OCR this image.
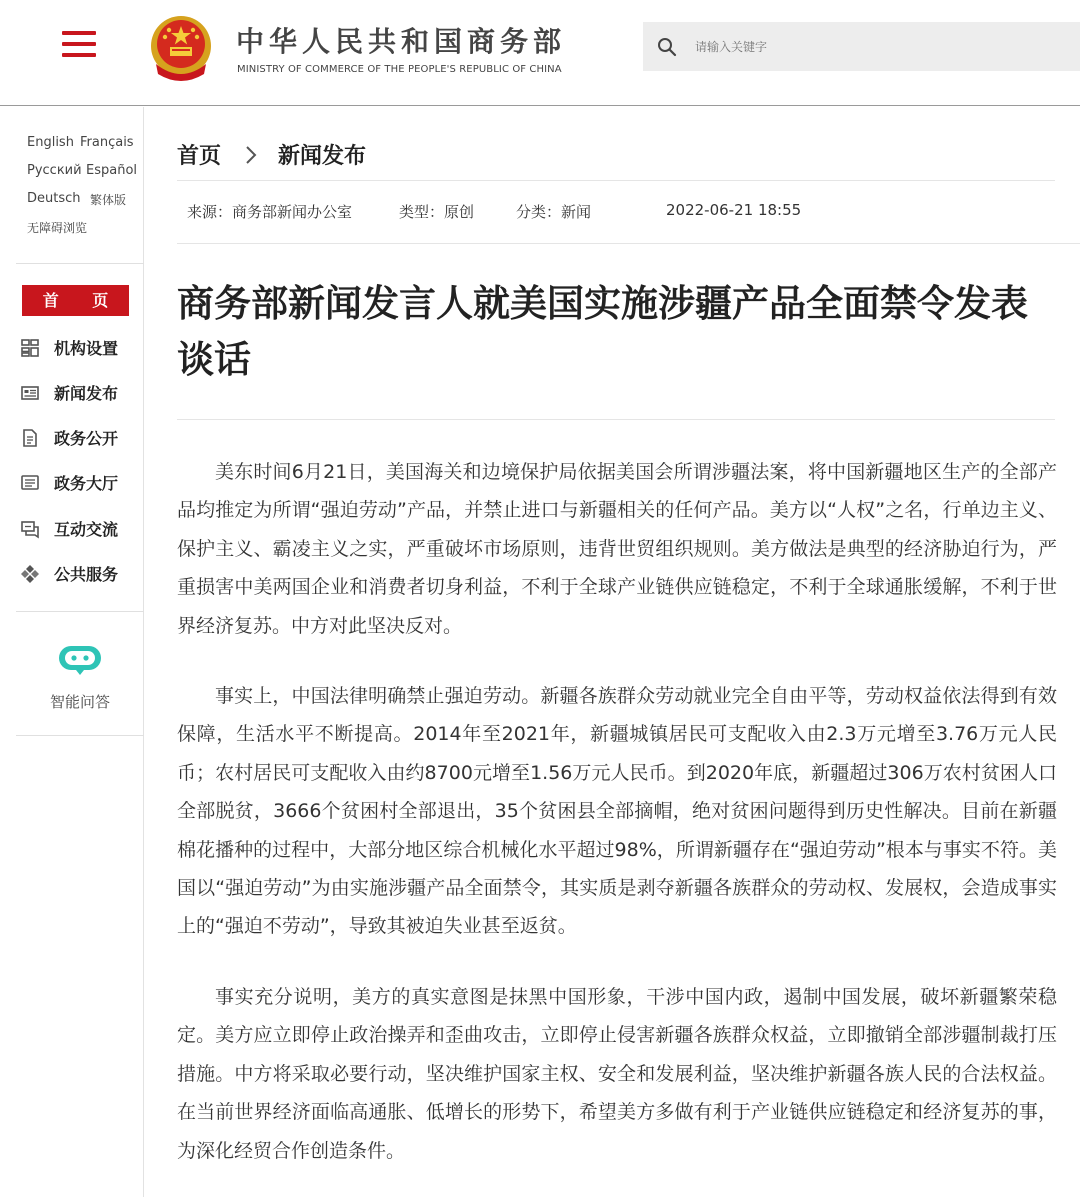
中华人民共和国商务部
MINISTRY OF COMMERCE OF THE PEOPLE'S REPUBLIC OF CHINA
请输入关键字
English Français
Русский Español
Deutsch 繁体版
无障碍浏览
首 页
机构设置
新闻发布
政务公开
政务大厅
互动交流
公共服务
智能问答
首页	新闻发布
来源：商务部新闻办公室	类型：原创	分类：新闻	2022-06-21 18:55
商务部新闻发言人就美国实施涉疆产品全面禁令发表谈话

美东时间6月21日，美国海关和边境保护局依据美国会所谓涉疆法案，将中国新疆地区生产的全部产品均推定为所谓“强迫劳动”产品，并禁止进口与新疆相关的任何产品。美方以“人权”之名，行单边主义、保护主义、霸凌主义之实，严重破坏市场原则，违背世贸组织规则。美方做法是典型的经济胁迫行为，严重损害中美两国企业和消费者切身利益，不利于全球产业链供应链稳定，不利于全球通胀缓解，不利于世界经济复苏。中方对此坚决反对。

事实上，中国法律明确禁止强迫劳动。新疆各族群众劳动就业完全自由平等，劳动权益依法得到有效保障，生活水平不断提高。2014年至2021年，新疆城镇居民可支配收入由2.3万元增至3.76万元人民币；农村居民可支配收入由约8700元增至1.56万元人民币。到2020年底，新疆超过306万农村贫困人口全部脱贫，3666个贫困村全部退出，35个贫困县全部摘帽，绝对贫困问题得到历史性解决。目前在新疆棉花播种的过程中，大部分地区综合机械化水平超过98%，所谓新疆存在“强迫劳动”根本与事实不符。美国以“强迫劳动”为由实施涉疆产品全面禁令，其实质是剥夺新疆各族群众的劳动权、发展权，会造成事实上的“强迫不劳动”，导致其被迫失业甚至返贫。

事实充分说明，美方的真实意图是抹黑中国形象，干涉中国内政，遏制中国发展，破坏新疆繁荣稳定。美方应立即停止政治操弄和歪曲攻击，立即停止侵害新疆各族群众权益，立即撤销全部涉疆制裁打压措施。中方将采取必要行动，坚决维护国家主权、安全和发展利益，坚决维护新疆各族人民的合法权益。在当前世界经济面临高通胀、低增长的形势下，希望美方多做有利于产业链供应链稳定和经济复苏的事，为深化经贸合作创造条件。
